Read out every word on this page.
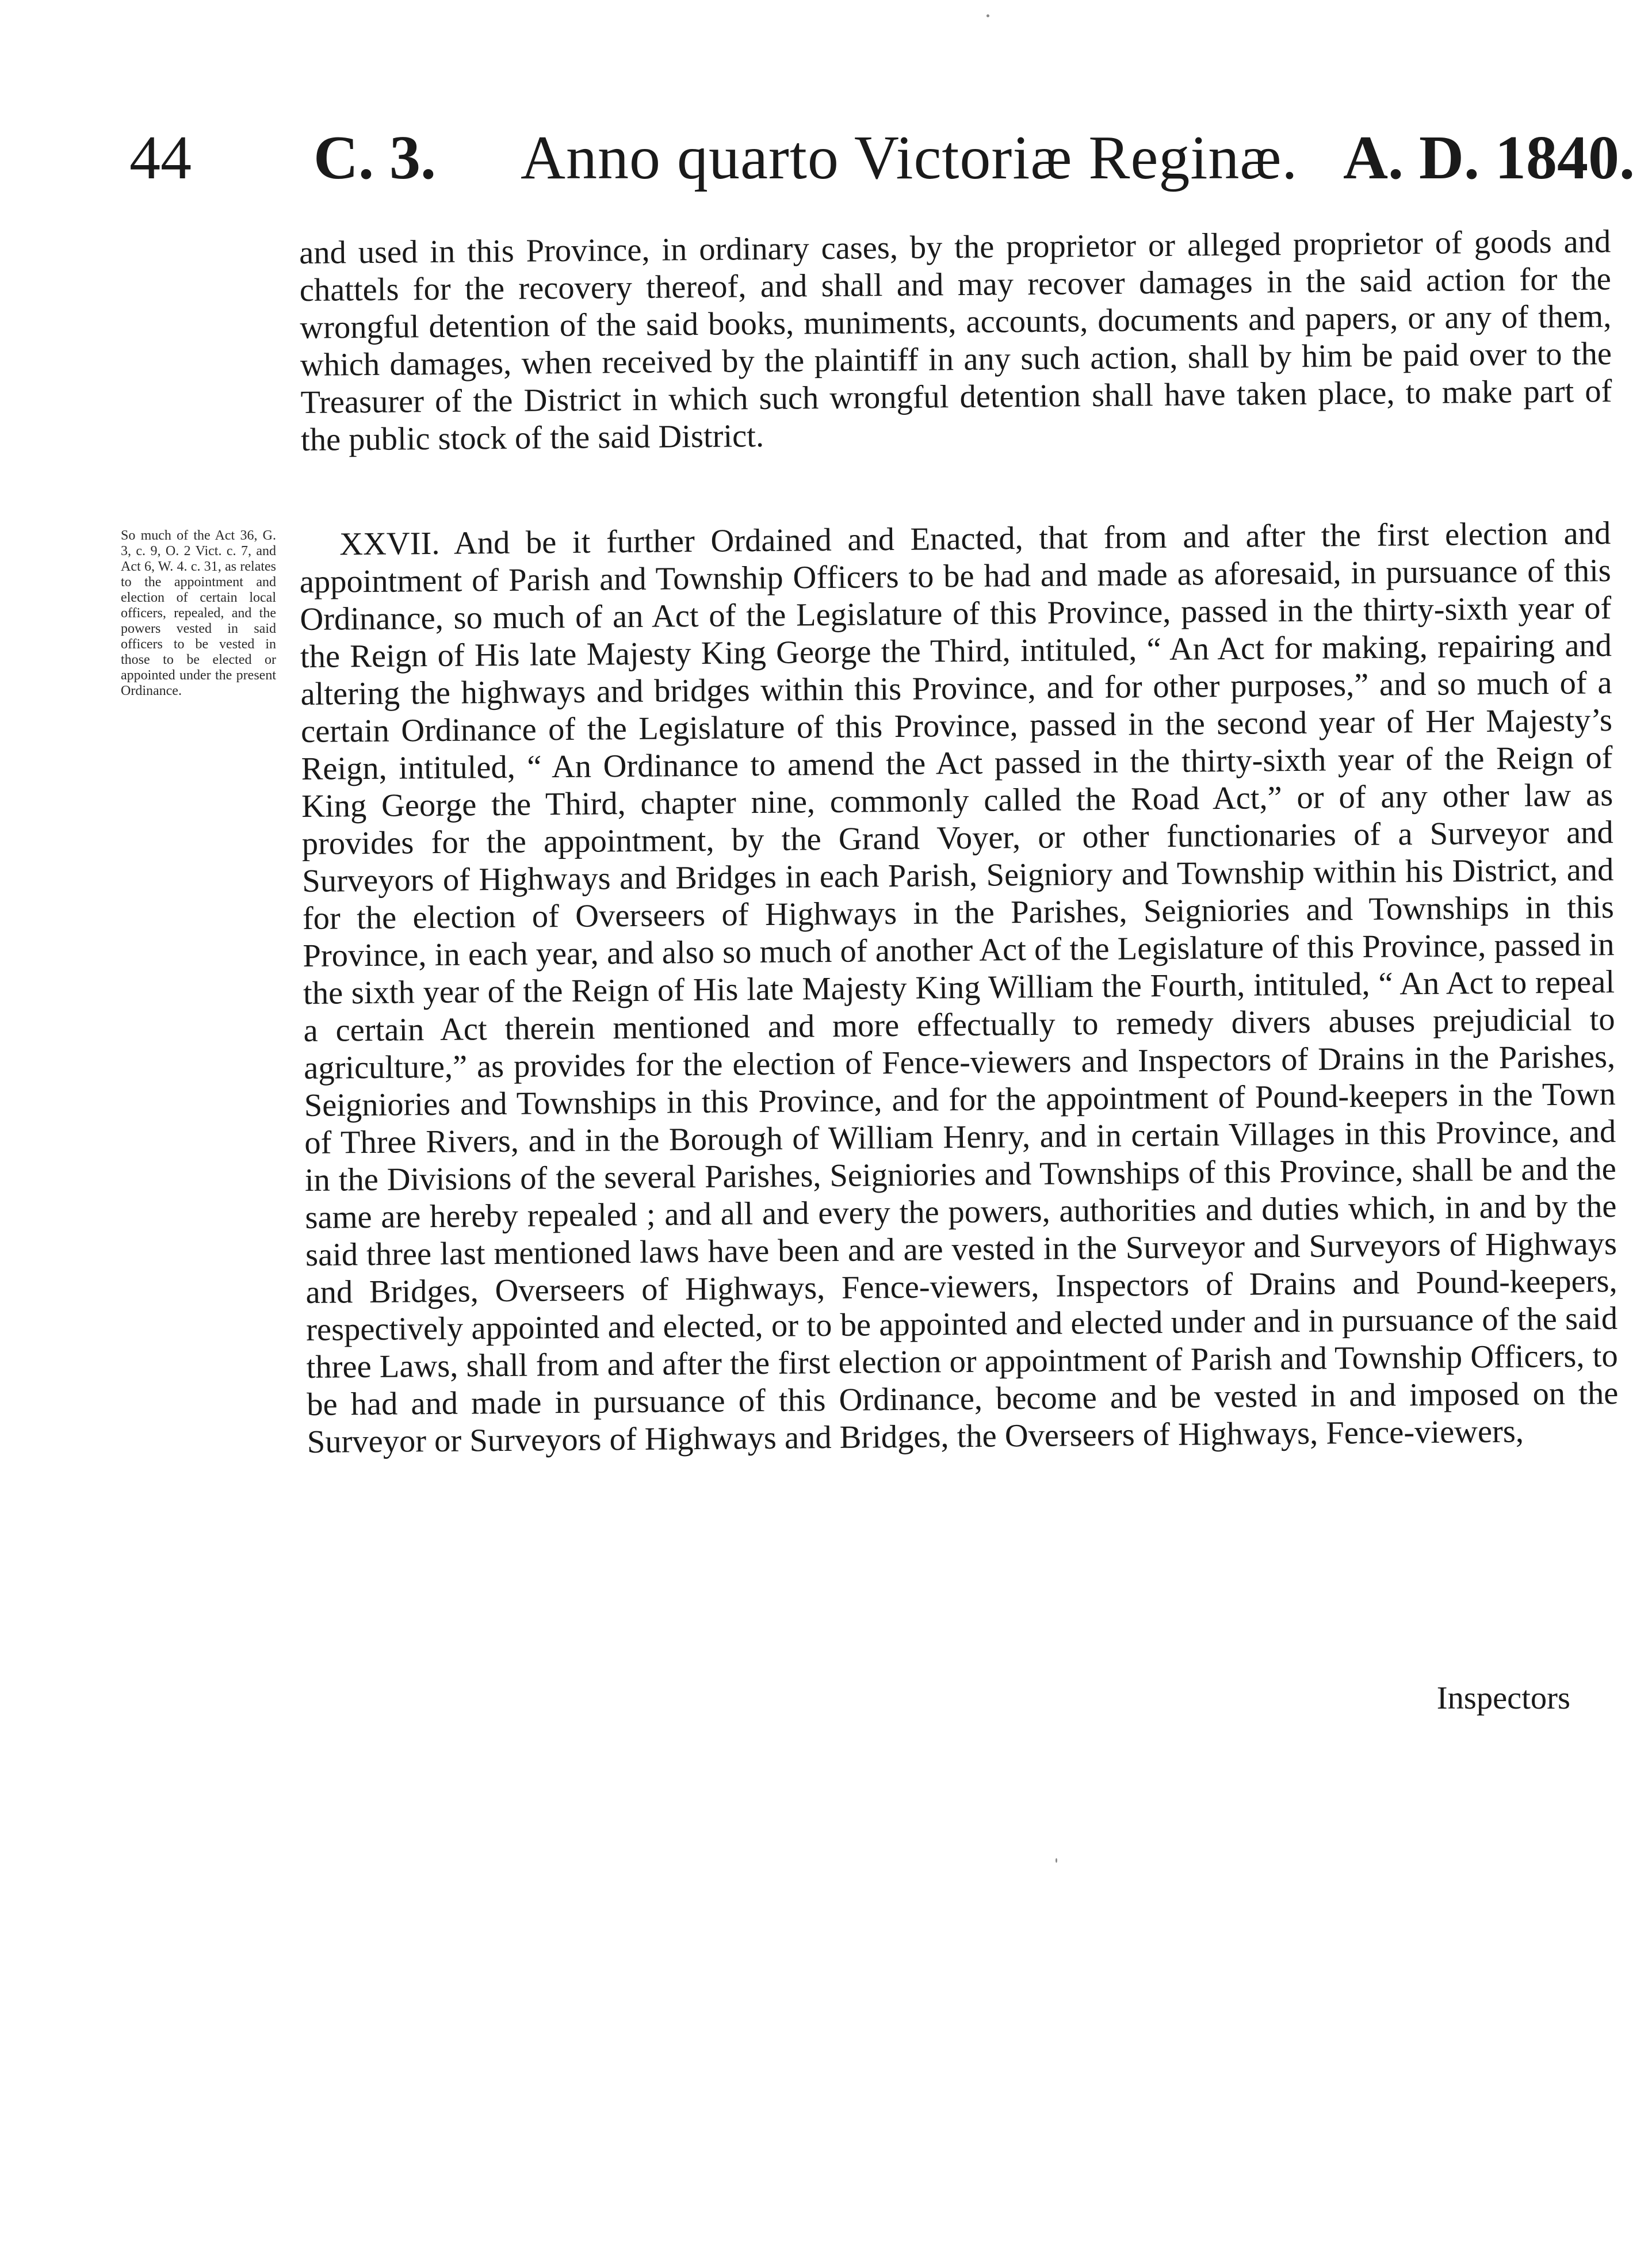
44 C. 3. Anno quarto Victoriæ Reginæ. A. D. 1840.

and used in this Province, in ordinary cases, by the proprietor or alleged proprietor of goods and chattels for the recovery thereof, and shall and may recover damages in the said action for the wrongful detention of the said books, muniments, accounts, documents and papers, or any of them, which damages, when received by the plaintiff in any such action, shall by him be paid over to the Treasurer of the District in which such wrongful detention shall have taken place, to make part of the public stock of the said District.

So much of the Act 36, G. 3, c. 9, O. 2 Vict. c. 7, and Act 6, W. 4. c. 31, as relates to the appointment and election of certain local officers, repealed, and the powers vested in said officers to be vested in those to be elected or appointed under the present Ordinance.

XXVII. And be it further Ordained and Enacted, that from and after the first election and appointment of Parish and Township Officers to be had and made as aforesaid, in pursuance of this Ordinance, so much of an Act of the Legislature of this Province, passed in the thirty-sixth year of the Reign of His late Majesty King George the Third, intituled, “ An Act for making, repairing and altering the highways and bridges within this Province, and for other purposes,” and so much of a certain Ordinance of the Legislature of this Province, passed in the second year of Her Majesty’s Reign, intituled, “ An Ordinance to amend the Act passed in the thirty-sixth year of the Reign of King George the Third, chapter nine, commonly called the Road Act,” or of any other law as provides for the appointment, by the Grand Voyer, or other functionaries of a Surveyor and Surveyors of Highways and Bridges in each Parish, Seigniory and Township within his District, and for the election of Overseers of Highways in the Parishes, Seigniories and Townships in this Province, in each year, and also so much of another Act of the Legislature of this Province, passed in the sixth year of the Reign of His late Majesty King William the Fourth, intituled, “ An Act to repeal a certain Act therein mentioned and more effectually to remedy divers abuses prejudicial to agriculture,” as provides for the election of Fence-viewers and Inspectors of Drains in the Parishes, Seigniories and Townships in this Province, and for the appointment of Pound-keepers in the Town of Three Rivers, and in the Borough of William Henry, and in certain Villages in this Province, and in the Divisions of the several Parishes, Seigniories and Townships of this Province, shall be and the same are hereby repealed ; and all and every the powers, authorities and duties which, in and by the said three last mentioned laws have been and are vested in the Surveyor and Surveyors of Highways and Bridges, Overseers of Highways, Fence-viewers, Inspectors of Drains and Pound-keepers, respectively appointed and elected, or to be appointed and elected under and in pursuance of the said three Laws, shall from and after the first election or appointment of Parish and Township Officers, to be had and made in pursuance of this Ordinance, become and be vested in and imposed on the Surveyor or Surveyors of Highways and Bridges, the Overseers of Highways, Fence-viewers,

Inspectors
